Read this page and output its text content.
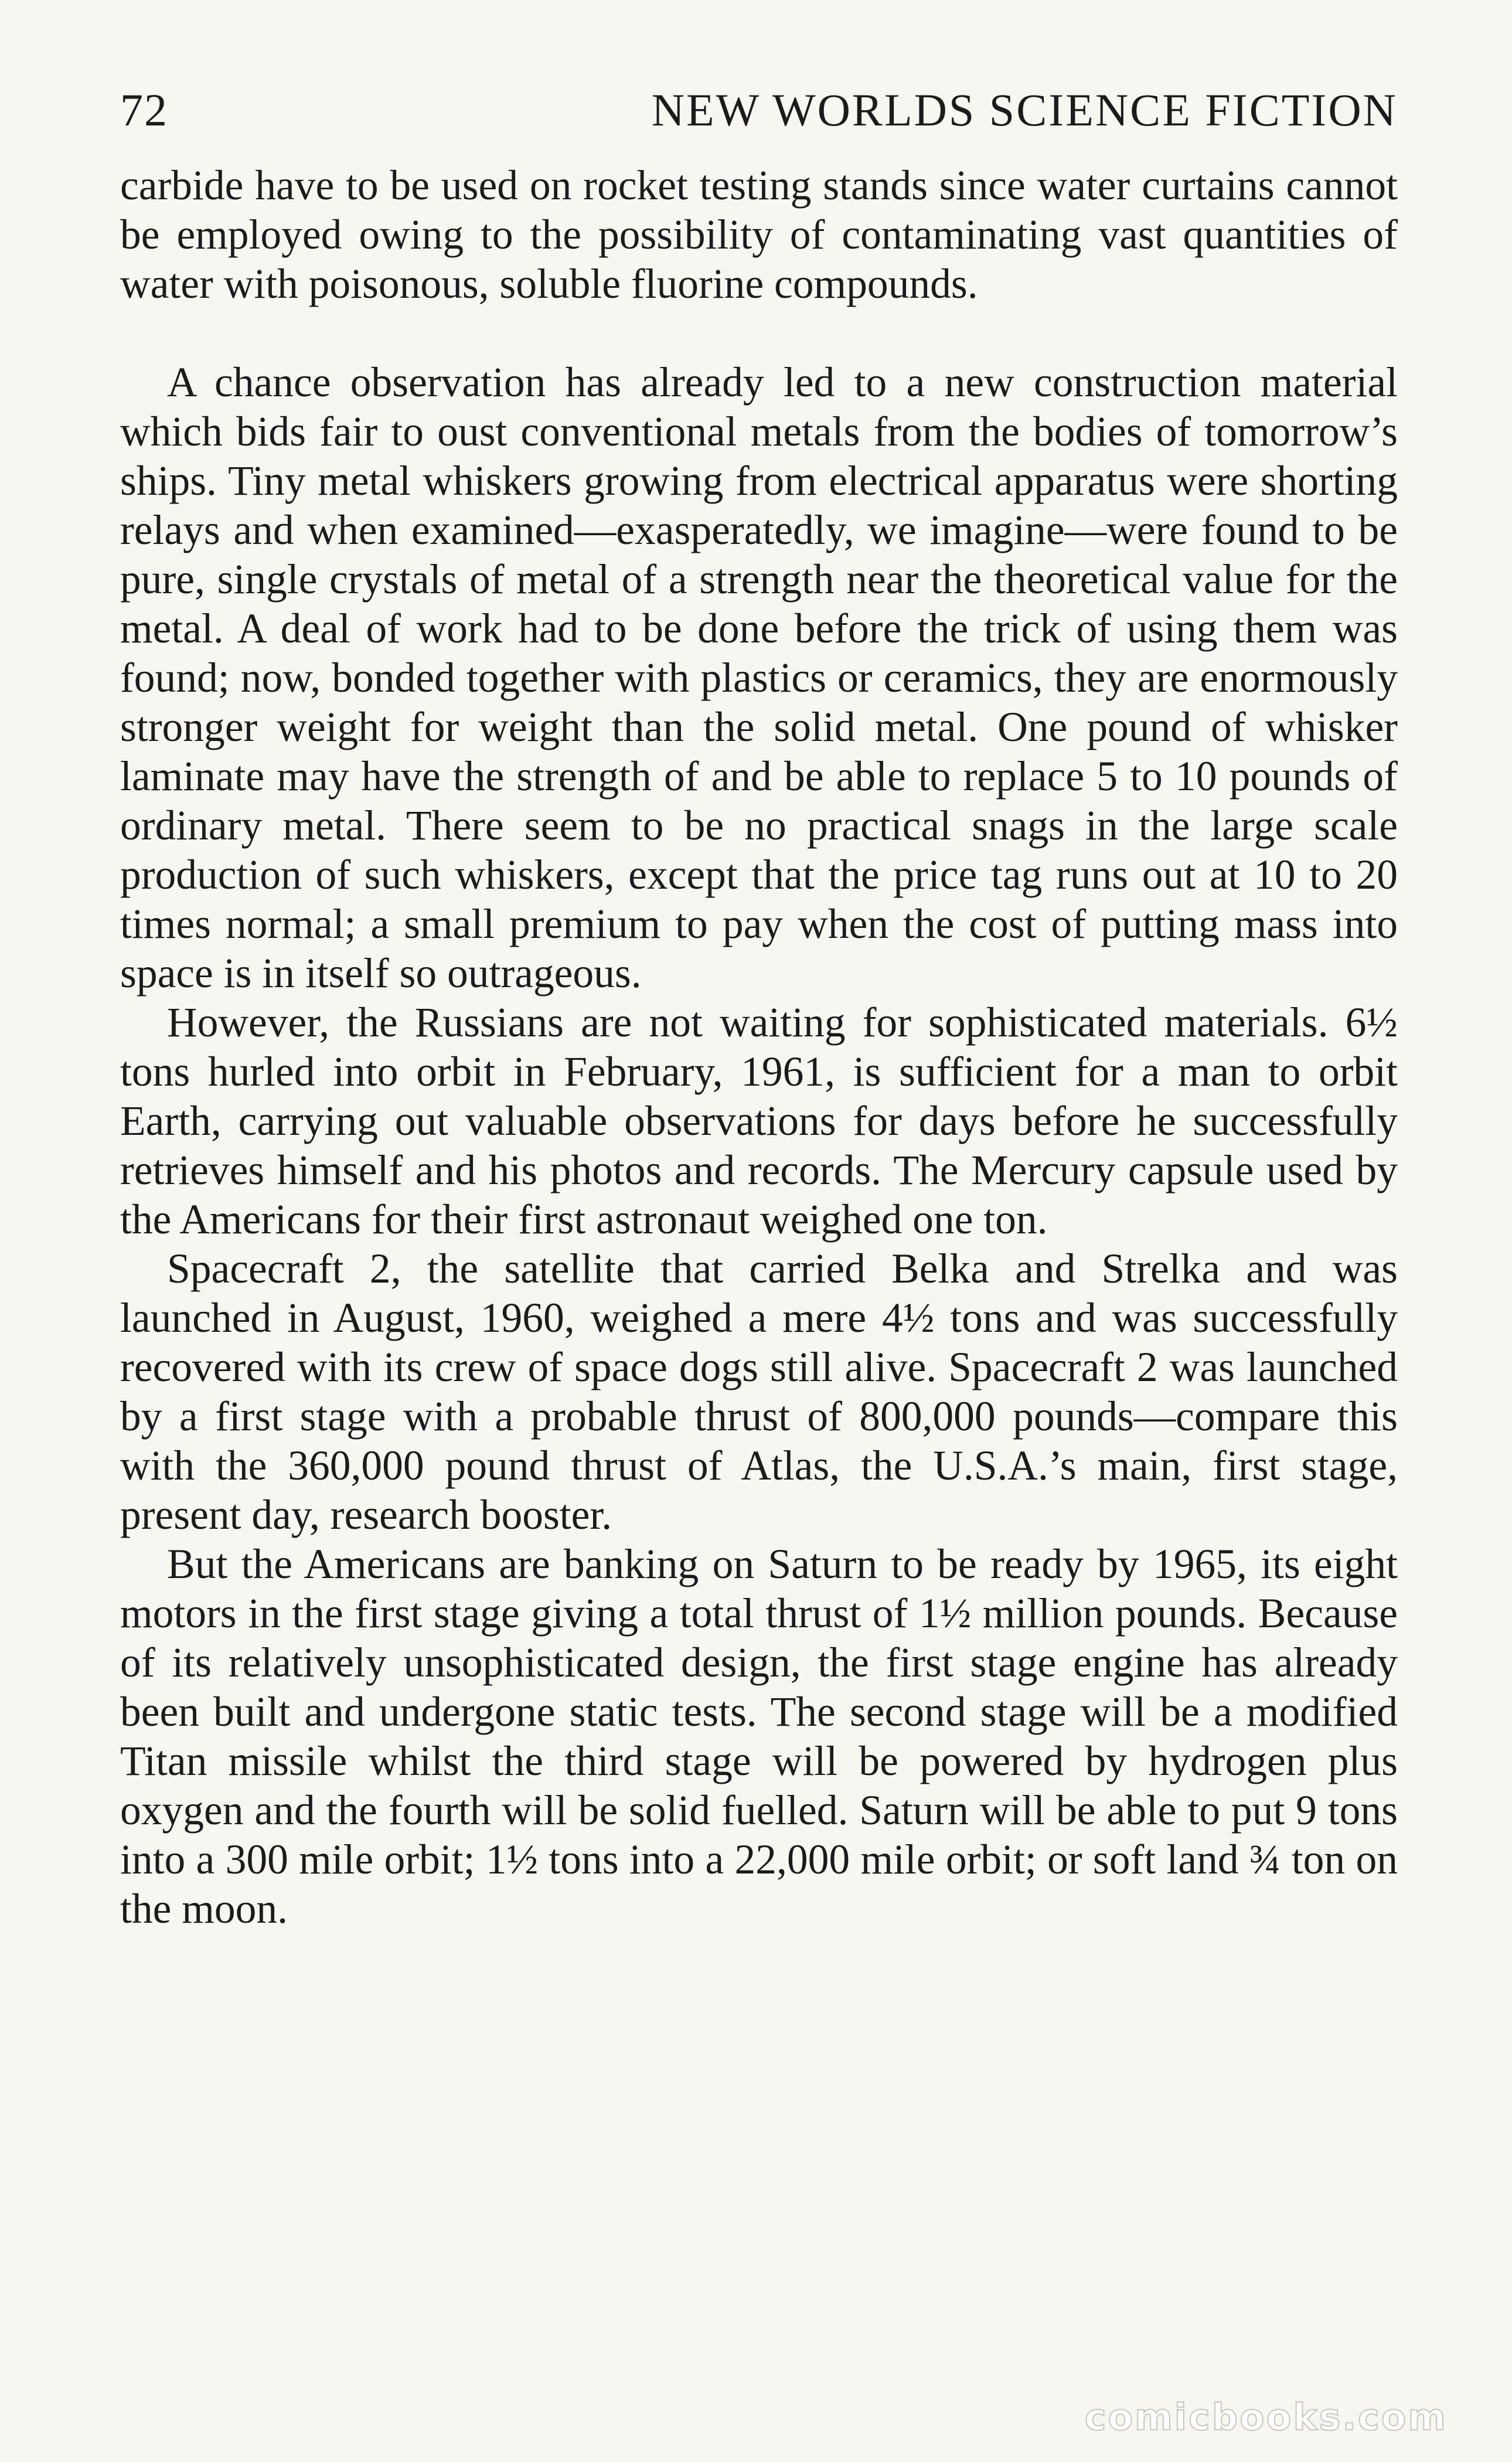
72	NEW WORLDS SCIENCE FICTION

carbide have to be used on rocket testing stands since water curtains cannot be employed owing to the possibility of contaminating vast quantities of water with poisonous, soluble fluorine compounds.

A chance observation has already led to a new construction material which bids fair to oust conventional metals from the bodies of tomorrow’s ships. Tiny metal whiskers growing from electrical apparatus were shorting relays and when examined—exasperatedly, we imagine—were found to be pure, single crystals of metal of a strength near the theoretical value for the metal. A deal of work had to be done before the trick of using them was found; now, bonded together with plastics or ceramics, they are enormously stronger weight for weight than the solid metal. One pound of whisker laminate may have the strength of and be able to replace 5 to 10 pounds of ordinary metal. There seem to be no practical snags in the large scale production of such whiskers, except that the price tag runs out at 10 to 20 times normal; a small premium to pay when the cost of putting mass into space is in itself so outrageous.

However, the Russians are not waiting for sophisticated materials. 6½ tons hurled into orbit in February, 1961, is sufficient for a man to orbit Earth, carrying out valuable observations for days before he successfully retrieves himself and his photos and records. The Mercury capsule used by the Americans for their first astronaut weighed one ton.

Spacecraft 2, the satellite that carried Belka and Strelka and was launched in August, 1960, weighed a mere 4½ tons and was successfully recovered with its crew of space dogs still alive. Spacecraft 2 was launched by a first stage with a probable thrust of 800,000 pounds—compare this with the 360,000 pound thrust of Atlas, the U.S.A.’s main, first stage, present day, research booster.

But the Americans are banking on Saturn to be ready by 1965, its eight motors in the first stage giving a total thrust of 1½ million pounds. Because of its relatively unsophisticated design, the first stage engine has already been built and undergone static tests. The second stage will be a modified Titan missile whilst the third stage will be powered by hydrogen plus oxygen and the fourth will be solid fuelled. Saturn will be able to put 9 tons into a 300 mile orbit; 1½ tons into a 22,000 mile orbit; or soft land ¾ ton on the moon.

comicbooks.com
